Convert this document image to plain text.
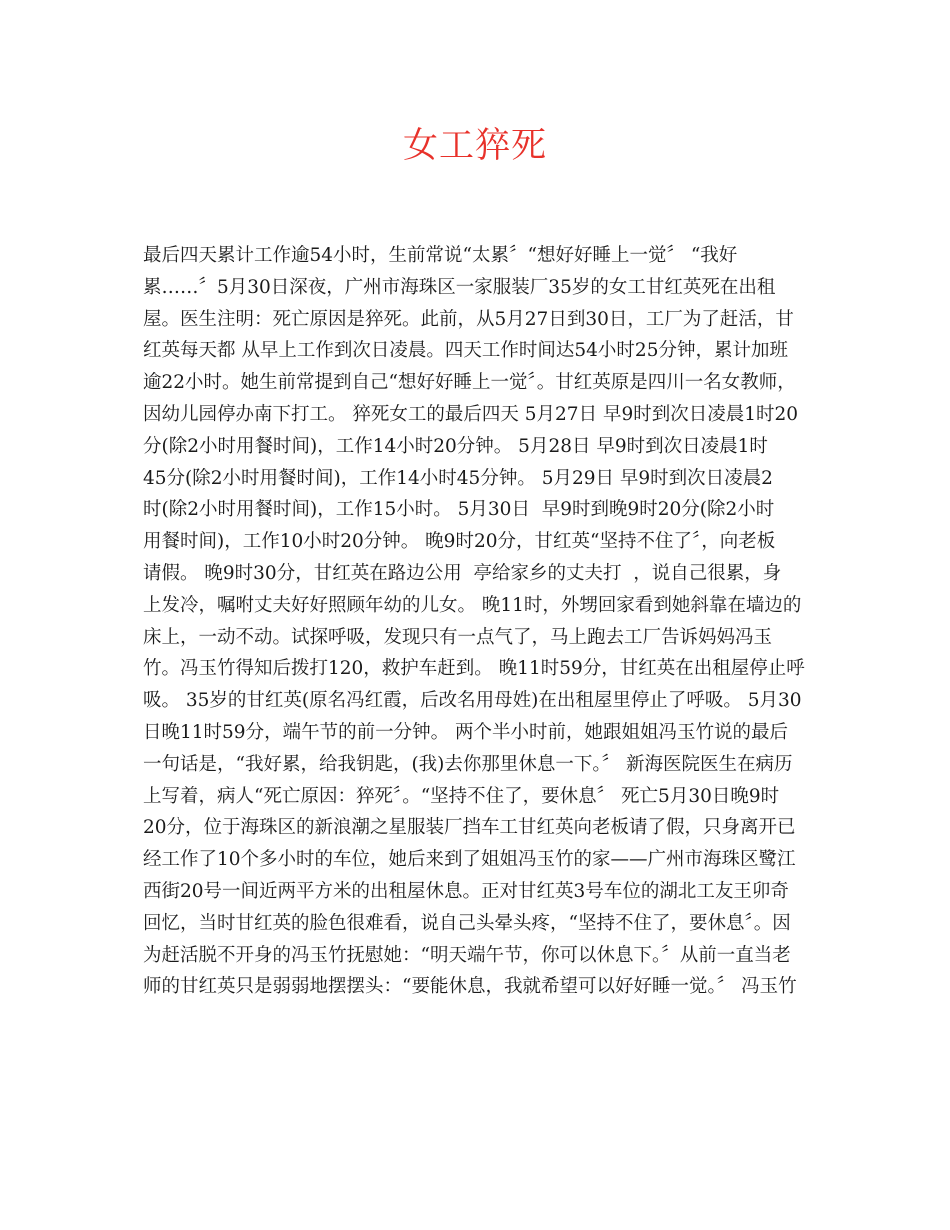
女工猝死
最后四天累计工作逾54小时，生前常说“太累〞“想好好睡上一觉〞 “我好
累……〞5月30日深夜，广州市海珠区一家服装厂35岁的女工甘红英死在出租
屋。医生注明：死亡原因是猝死。此前，从5月27日到30日，工厂为了赶活，甘
红英每天都 从早上工作到次日凌晨。四天工作时间达54小时25分钟，累计加班
逾22小时。她生前常提到自己“想好好睡上一觉〞。甘红英原是四川一名女教师，
因幼儿园停办南下打工。 猝死女工的最后四天 5月27日 早9时到次日凌晨1时20
分(除2小时用餐时间)，工作14小时20分钟。 5月28日 早9时到次日凌晨1时
45分(除2小时用餐时间)，工作14小时45分钟。 5月29日 早9时到次日凌晨2
时(除2小时用餐时间)，工作15小时。 5月30日  早9时到晚9时20分(除2小时
用餐时间)，工作10小时20分钟。 晚9时20分，甘红英“坚持不住了〞，向老板
请假。 晚9时30分，甘红英在路边公用  亭给家乡的丈夫打  ，说自己很累，身
上发冷，嘱咐丈夫好好照顾年幼的儿女。 晚11时，外甥回家看到她斜靠在墙边的
床上，一动不动。试探呼吸，发现只有一点气了，马上跑去工厂告诉妈妈冯玉
竹。冯玉竹得知后拨打120，救护车赶到。 晚11时59分，甘红英在出租屋停止呼
吸。 35岁的甘红英(原名冯红霞，后改名用母姓)在出租屋里停止了呼吸。 5月30
日晚11时59分，端午节的前一分钟。 两个半小时前，她跟姐姐冯玉竹说的最后
一句话是，“我好累，给我钥匙，(我)去你那里休息一下。〞 新海医院医生在病历
上写着，病人“死亡原因：猝死〞。“坚持不住了，要休息〞 死亡5月30日晚9时
20分，位于海珠区的新浪潮之星服装厂挡车工甘红英向老板请了假，只身离开已
经工作了10个多小时的车位，她后来到了姐姐冯玉竹的家——广州市海珠区鹭江
西街20号一间近两平方米的出租屋休息。正对甘红英3号车位的湖北工友王卯奇
回忆，当时甘红英的脸色很难看，说自己头晕头疼，“坚持不住了，要休息〞。因
为赶活脱不开身的冯玉竹抚慰她：“明天端午节，你可以休息下。〞从前一直当老
师的甘红英只是弱弱地摆摆头：“要能休息，我就希望可以好好睡一觉。〞 冯玉竹
